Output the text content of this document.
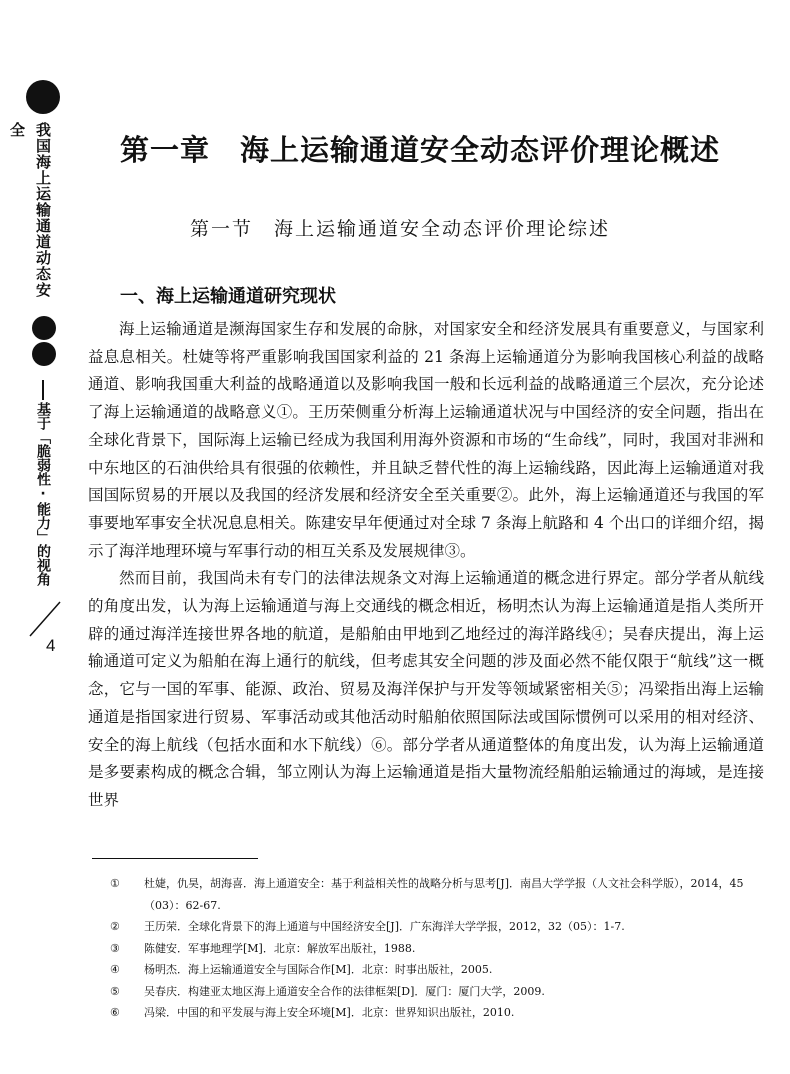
我国海上运输通道动态安全
基于「脆弱性·能力」的视角
4
第一章　海上运输通道安全动态评价理论概述
第一节　海上运输通道安全动态评价理论综述
一、海上运输通道研究现状

海上运输通道是濒海国家生存和发展的命脉，对国家安全和经济发展具有重要意义，与国家利益息息相关。杜婕等将严重影响我国国家利益的 21 条海上运输通道分为影响我国核心利益的战略通道、影响我国重大利益的战略通道以及影响我国一般和长远利益的战略通道三个层次，充分论述了海上运输通道的战略意义①。王历荣侧重分析海上运输通道状况与中国经济的安全问题，指出在全球化背景下，国际海上运输已经成为我国利用海外资源和市场的“生命线”，同时，我国对非洲和中东地区的石油供给具有很强的依赖性，并且缺乏替代性的海上运输线路，因此海上运输通道对我国国际贸易的开展以及我国的经济发展和经济安全至关重要②。此外，海上运输通道还与我国的军事要地军事安全状况息息相关。陈建安早年便通过对全球 7 条海上航路和 4 个出口的详细介绍，揭示了海洋地理环境与军事行动的相互关系及发展规律③。

然而目前，我国尚未有专门的法律法规条文对海上运输通道的概念进行界定。部分学者从航线的角度出发，认为海上运输通道与海上交通线的概念相近，杨明杰认为海上运输通道是指人类所开辟的通过海洋连接世界各地的航道，是船舶由甲地到乙地经过的海洋路线④；吴春庆提出，海上运输通道可定义为船舶在海上通行的航线，但考虑其安全问题的涉及面必然不能仅限于“航线”这一概念，它与一国的军事、能源、政治、贸易及海洋保护与开发等领域紧密相关⑤；冯梁指出海上运输通道是指国家进行贸易、军事活动或其他活动时船舶依照国际法或国际惯例可以采用的相对经济、安全的海上航线（包括水面和水下航线）⑥。部分学者从通道整体的角度出发，认为海上运输通道是多要素构成的概念合辑，邹立刚认为海上运输通道是指大量物流经船舶运输通过的海域，是连接世界

①	杜婕，仇昊，胡海喜．海上通道安全：基于利益相关性的战略分析与思考[J]．南昌大学学报（人文社会科学版），2014，45（03）：62-67.
②	王历荣．全球化背景下的海上通道与中国经济安全[J]．广东海洋大学学报，2012，32（05）：1-7.
③	陈健安．军事地理学[M]．北京：解放军出版社，1988.
④	杨明杰．海上运输通道安全与国际合作[M]．北京：时事出版社，2005.
⑤	吴春庆．构建亚太地区海上通道安全合作的法律框架[D]．厦门：厦门大学，2009.
⑥	冯梁．中国的和平发展与海上安全环境[M]．北京：世界知识出版社，2010.
